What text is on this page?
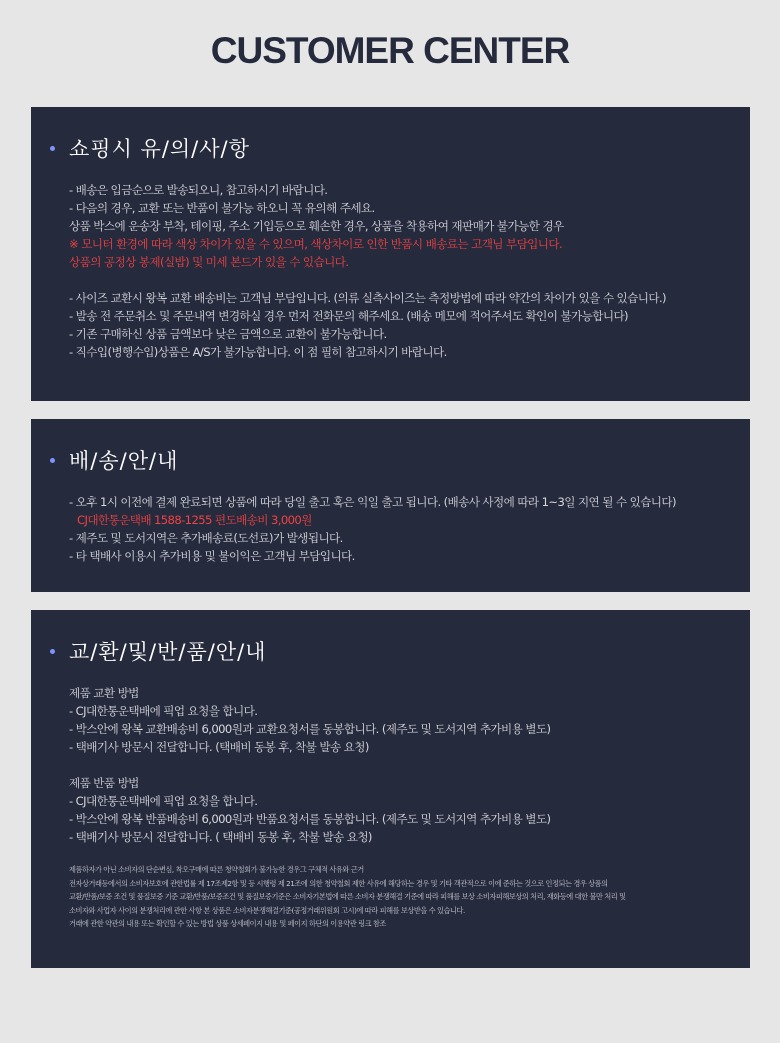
CUSTOMER CENTER
쇼핑시 유/의/사/항
- 배송은 입금순으로 발송되오니, 참고하시기 바랍니다.
- 다음의 경우, 교환 또는 반품이 불가능 하오니 꼭 유의해 주세요.
상품 박스에 운송장 부착, 테이핑, 주소 기입등으로 훼손한 경우, 상품을 착용하여 재판매가 불가능한 경우
※ 모니터 환경에 따라 색상 차이가 있을 수 있으며, 색상차이로 인한 반품시 배송료는 고객님 부담입니다.
상품의 공정상 봉제(실밥) 및 미세 본드가 있을 수 있습니다.
- 사이즈 교환시 왕복 교환 배송비는 고객님 부담입니다. (의류 실측사이즈는 측정방법에 따라 약간의 차이가 있을 수 있습니다.)
- 발송 전 주문취소 및 주문내역 변경하실 경우 먼저 전화문의 해주세요. (배송 메모에 적어주셔도 확인이 불가능합니다)
- 기존 구매하신 상품 금액보다 낮은 금액으로 교환이 불가능합니다.
- 직수입(병행수입)상품은 A/S가 불가능합니다. 이 점 필히 참고하시기 바랍니다.
배/송/안/내
- 오후 1시 이전에 결제 완료되면 상품에 따라 당일 출고 혹은 익일 출고 됩니다. (배송사 사정에 따라 1~3일 지연 될 수 있습니다)
CJ대한통운택배 1588-1255 편도배송비 3,000원
- 제주도 및 도서지역은 추가배송료(도선료)가 발생됩니다.
- 타 택배사 이용시 추가비용 및 불이익은 고객님 부담입니다.
교/환/및/반/품/안/내
제품 교환 방법
- CJ대한통운택배에 픽업 요청을 합니다.
- 박스안에 왕복 교환배송비 6,000원과 교환요청서를 동봉합니다. (제주도 및 도서지역 추가비용 별도)
- 택배기사 방문시 전달합니다. (택배비 동봉 후, 착불 발송 요청)
제품 반품 방법
- CJ대한통운택배에 픽업 요청을 합니다.
- 박스안에 왕복 반품배송비 6,000원과 반품요청서를 동봉합니다. (제주도 및 도서지역 추가비용 별도)
- 택배기사 방문시 전달합니다. ( 택배비 동봉 후, 착불 발송 요청)
제품하자가 아닌 소비자의 단순변심, 착오구매에 따른 청약철회가 불가능한 경우그 구체적 사유와 근거
전자상거래등에서의 소비자보호에 관한법률 제 17조제2항 및 등 시행령 제 21조에 의한 청약철회 제한 사유에 해당하는 경우 및 기타 객관적으로 이에 준하는 것으로 인정되는 경우 상품의
교환/반품/보증 조건 및 품질보증 기준 교환/반품/보증조건 및 품질보증기준은 소비자기본법에 따른 소비자 분쟁해결 기준에 따라 피해를 보상 소비자피해보상의 처리, 재화등에 대한 불만 처리 및
소비자와 사업자 사이의 분쟁처리에 관한 사항 본 상품은 소비자분쟁해결기준(공정거래위원회 고시)에 따라 피해를 보상받을 수 있습니다.
거래에 관한 약관의 내용 또는 확인할 수 있는 방법 상품 상세페이지 내용 및 페이지 하단의 이용약관 링크 참조
